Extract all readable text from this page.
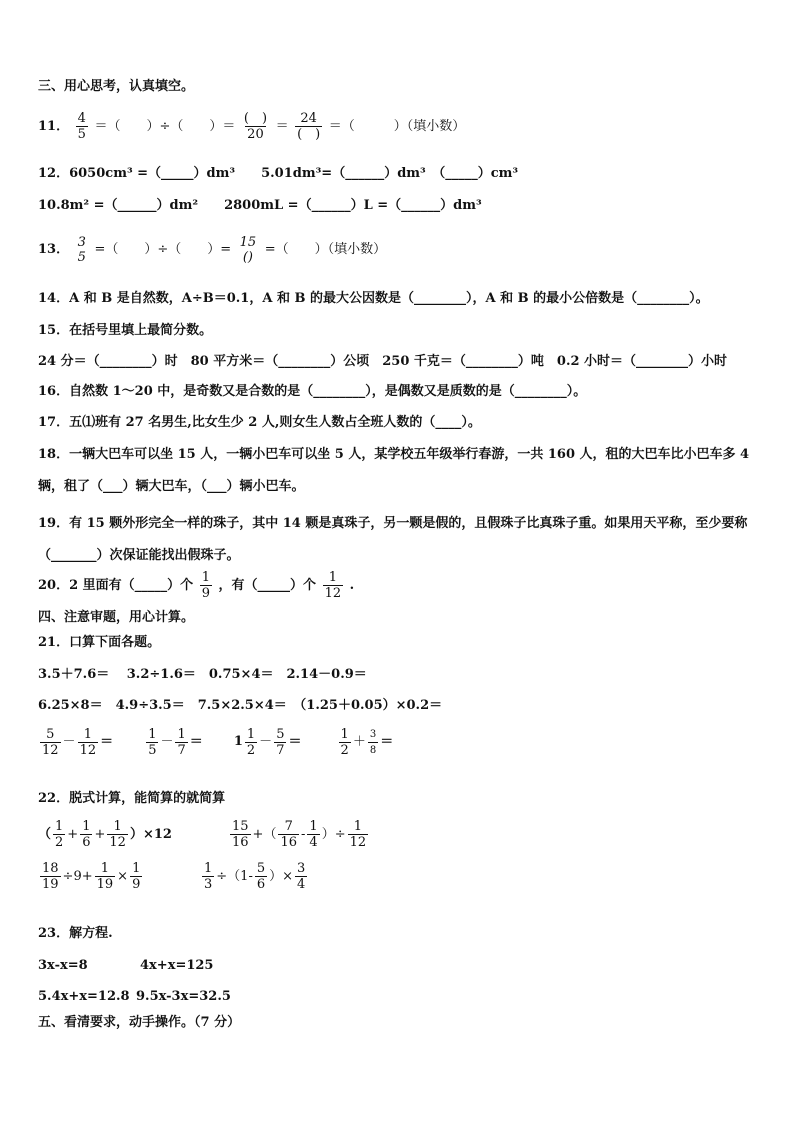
三、用心思考，认真填空。
11． $\frac{4}{5}$ ＝（　　）÷（　　）＝ $\frac{( )}{20} = \frac{24}{( )}$ ＝（　　　）（填小数）
12．6050cm³ =（_____）dm³　　5.01dm³=（______）dm³　（_____）cm³
10.8m² =（______）dm²　　2800mL =（______）L =（______）dm³
13． 3
5 =（　　）÷（　　）= 15
() =（　　）（填小数）
14．A 和 B 是自然数，A÷B＝0.1，A 和 B 的最大公因数是（________），A 和 B 的最小公倍数是（________）。
15．在括号里填上最简分数。
24 分＝（________）时　80 平方米＝（________）公顷　250 千克＝（________）吨　0.2 小时＝（________）小时
16．自然数 1～20 中，是奇数又是合数的是（________），是偶数又是质数的是（________）。
17．五⑴班有 27 名男生,比女生少 2 人,则女生人数占全班人数的（____）。
18．一辆大巴车可以坐 15 人，一辆小巴车可以坐 5 人，某学校五年级举行春游，一共 160 人，租的大巴车比小巴车多 4 辆，租了（___）辆大巴车，（___）辆小巴车。
19．有 15 颗外形完全一样的珠子，其中 14 颗是真珠子，另一颗是假的，且假珠子比真珠子重。如果用天平称，至少要称（_______）次保证能找出假珠子。
20．2 里面有（_____）个 $\frac{1}{9}$ ，有（_____）个 $\frac{1}{12}$ .
四、注意审题，用心计算。
21．口算下面各题。
3.5＋7.6＝　 3.2÷1.6＝　0.75×4＝　2.14－0.9＝
6.25×8＝　4.9÷3.5＝　7.5×2.5×4＝　（1.25＋0.05）×0.2＝
$\frac{5}{12} - \frac{1}{12}$ ＝	$\frac{1}{5} - \frac{1}{7} = 1 \frac{1}{2} - \frac{5}{7}$ ＝	$\frac{1}{2} + \frac{3}{8}$ ＝
22．脱式计算，能简算的就简算
（ $\frac{1}{2} + \frac{1}{6} + \frac{1}{12} )\times 12$	$\frac{15}{16}$ +（ $\frac{7}{16} - \frac{1}{4}$ ）÷ $\frac{1}{12}$
$\frac{18}{19} \div 9+ \frac{1}{19} \times \frac{1}{9}$	$\frac{1}{3} \div(1- \frac{5}{6}$ ）× $\frac{3}{4}$
23．解方程.
3x-x=8	4x+x=125
5.4x+x=12.8 9.5x-3x=32.5
五、看清要求，动手操作。（7 分）
